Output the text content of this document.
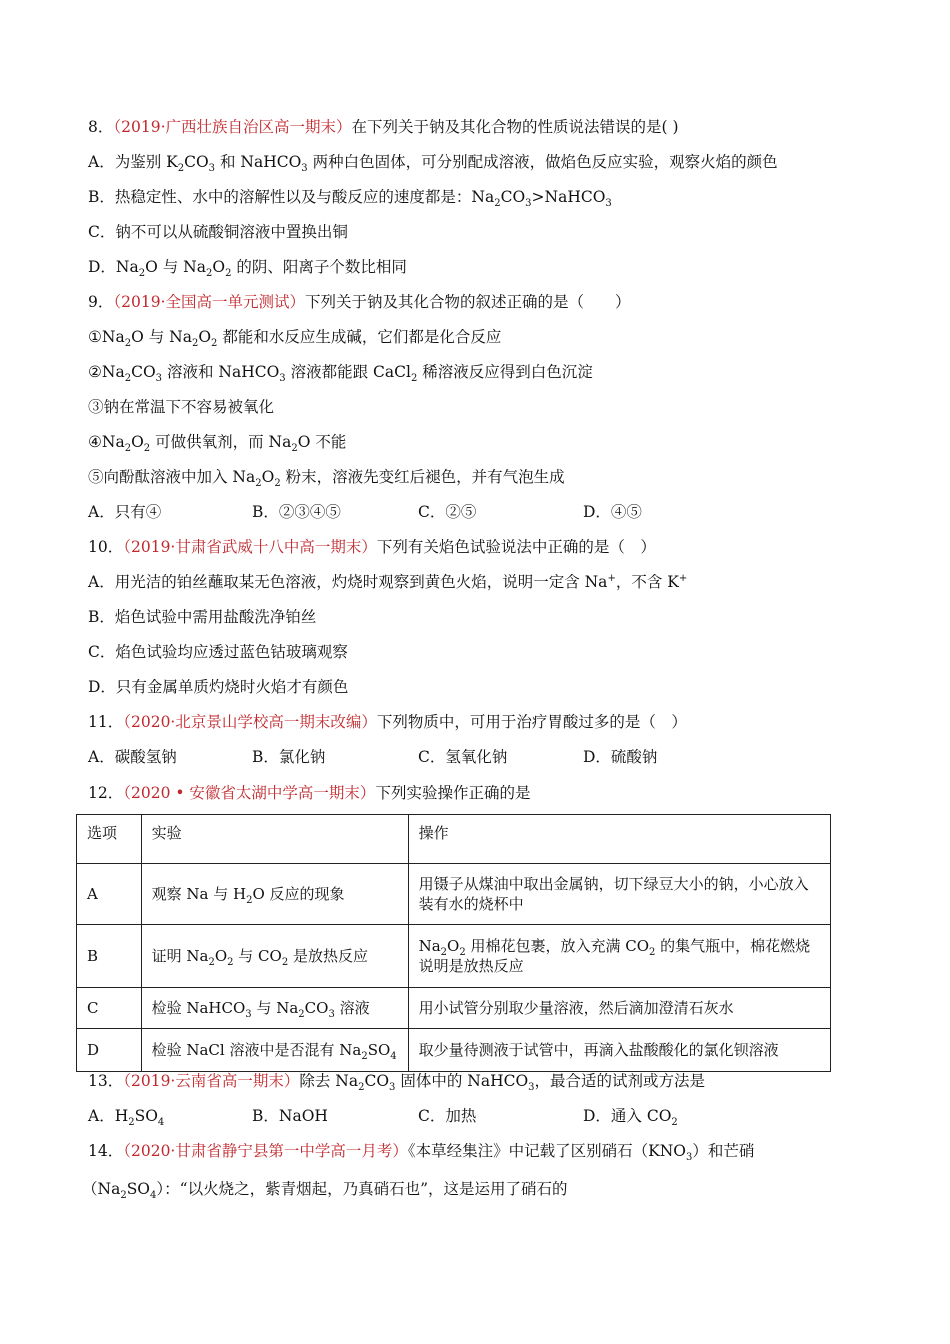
8．（2019·广西壮族自治区高一期末）在下列关于钠及其化合物的性质说法错误的是( )
A．为鉴别 $K_2CO_3$ 和 NaHCO$_3$ 两种白色固体，可分别配成溶液，做焰色反应实验，观察火焰的颜色
B．热稳定性、水中的溶解性以及与酸反应的速度都是：$Na_2CO_3>NaHCO_3$
C．钠不可以从硫酸铜溶液中置换出铜
D．$Na_2O$ 与 $Na_2O_2$ 的阴、阳离子个数比相同
9．（2019·全国高一单元测试）下列关于钠及其化合物的叙述正确的是（　　）
$①Na_2O$ 与 $Na_2O_2$ 都能和水反应生成碱，它们都是化合反应
$②Na_2CO_3$ 溶液和 NaHCO$_3$ 溶液都能跟 CaCl$_2$ 稀溶液反应得到白色沉淀
③钠在常温下不容易被氧化
$④Na_2O_2$ 可做供氧剂，而 $Na_2O$ 不能
⑤向酚酞溶液中加入 $Na_2O_2$ 粉末，溶液先变红后褪色，并有气泡生成
A．只有④	B．②③④⑤	C．②⑤	D．④⑤
10．（2019·甘肃省武威十八中高一期末）下列有关焰色试验说法中正确的是（　）
A．用光洁的铂丝蘸取某无色溶液，灼烧时观察到黄色火焰，说明一定含 Na+，不含 K+
B．焰色试验中需用盐酸洗净铂丝
C．焰色试验均应透过蓝色钴玻璃观察
D．只有金属单质灼烧时火焰才有颜色
11．（2020·北京景山学校高一期末改编）下列物质中，可用于治疗胃酸过多的是（　）
A．碳酸氢钠	B．氯化钠	C．氢氧化钠	D．硫酸钠
12．（2020 • 安徽省太湖中学高一期末）下列实验操作正确的是
选项	实验	操作
A	观察 Na 与 $H_2O$ 反应的现象	用镊子从煤油中取出金属钠，切下绿豆大小的钠，小心放入装有水的烧杯中
B	证明 $Na_2O_2$ 与 $CO_2$ 是放热反应	$Na_2O_2$ 用棉花包裹，放入充满 $CO_2$ 的集气瓶中，棉花燃烧说明是放热反应
C	检验 NaHCO$_3$ 与 $Na_2CO_3$ 溶液	用小试管分别取少量溶液，然后滴加澄清石灰水
D	检验 NaCl 溶液中是否混有 $Na_2SO_4$	取少量待测液于试管中，再滴入盐酸酸化的氯化钡溶液
13．（2019·云南省高一期末）除去 $Na_2CO_3$ 固体中的 NaHCO$_3$，最合适的试剂或方法是
A．$H_2SO_4$	B．NaOH	C．加热	D．通入 $CO_2$
14．（2020·甘肃省静宁县第一中学高一月考）《本草经集注》中记载了区别硝石$(KNO_3)$和芒硝
$(Na_2SO_4)$：“以火烧之，紫青烟起，乃真硝石也”，这是运用了硝石的
